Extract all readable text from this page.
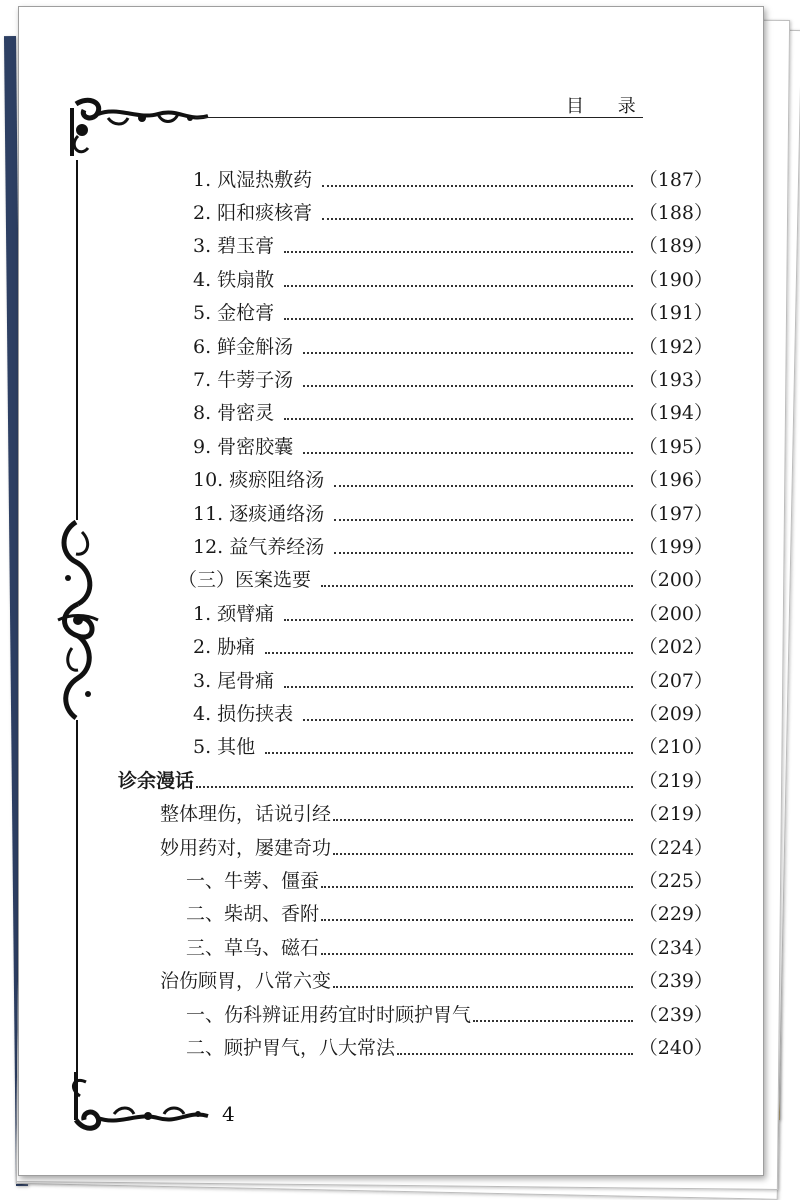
目 录
1. 风湿热敷药	（187）
2. 阳和痰核膏	（188）
3. 碧玉膏	（189）
4. 铁扇散	（190）
5. 金枪膏	（191）
6. 鲜金斛汤	（192）
7. 牛蒡子汤	（193）
8. 骨密灵	（194）
9. 骨密胶囊	（195）
10. 痰瘀阻络汤	（196）
11. 逐痰通络汤	（197）
12. 益气养经汤	（199）
（三）医案选要	（200）
1. 颈臂痛	（200）
2. 胁痛	（202）
3. 尾骨痛	（207）
4. 损伤挟表	（209）
5. 其他	（210）
诊余漫话	（219）
整体理伤，话说引经	（219）
妙用药对，屡建奇功	（224）
一、牛蒡、僵蚕	（225）
二、柴胡、香附	（229）
三、草乌、磁石	（234）
治伤顾胃，八常六变	（239）
一、伤科辨证用药宜时时顾护胃气	（239）
二、顾护胃气，八大常法	（240）
4
